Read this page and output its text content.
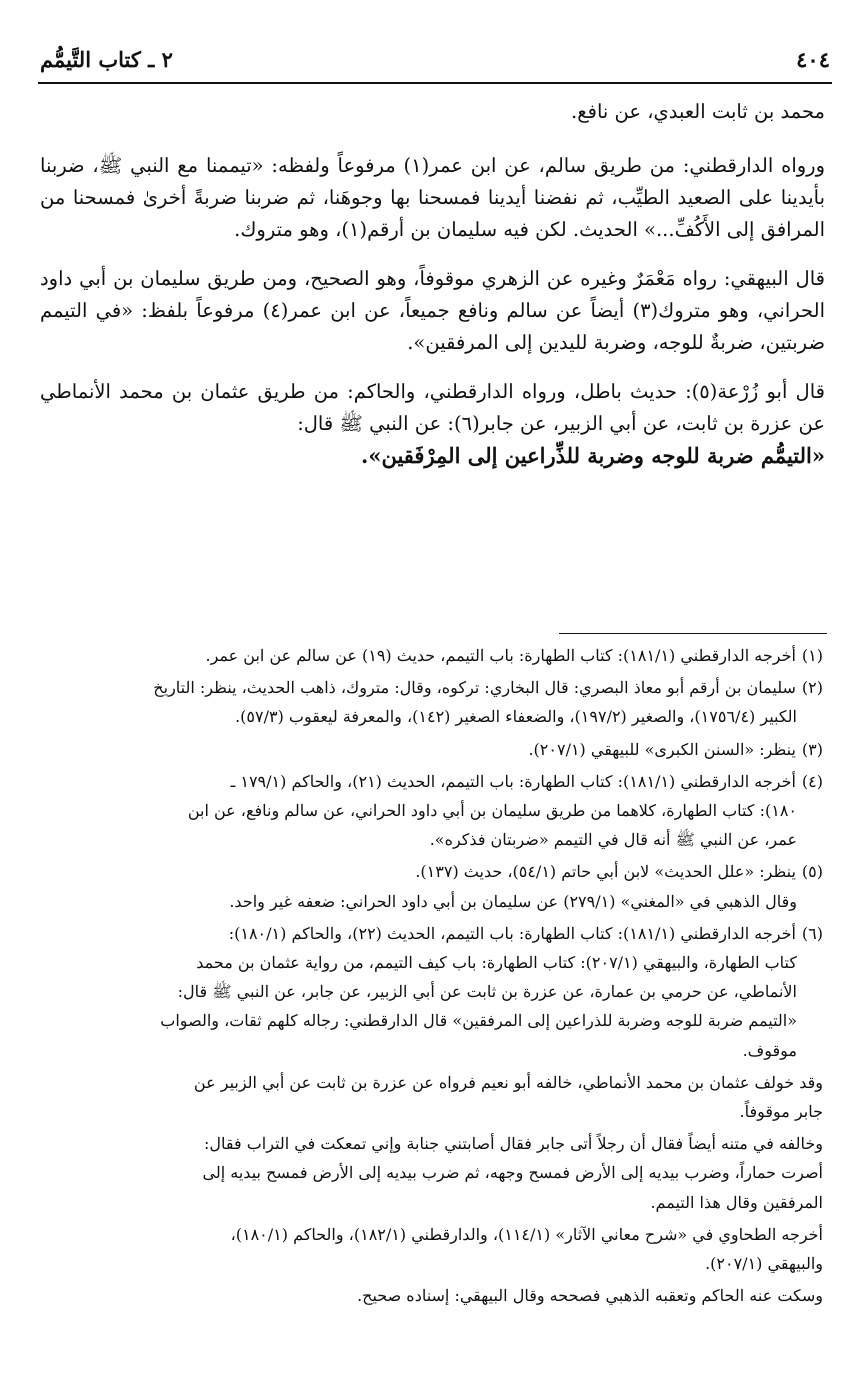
٤٠٤
٢ ـ كتاب التَّيمُّم

محمد بن ثابت العبدي، عن نافع.

ورواه الدارقطني: من طريق سالم، عن ابن عمر(١) مرفوعاً ولفظه: «تيممنا مع النبي ﷺ، ضربنا بأيدينا على الصعيد الطيِّب، ثم نفضنا أيدينا فمسحنا بها وجوهَنا، ثم ضربنا ضربةً أخرىٰ فمسحنا من المرافق إلى الأَكُفِّ...» الحديث. لكن فيه سليمان بن أرقم(١)، وهو متروك.

قال البيهقي: رواه مَعْمَرٌ وغيره عن الزهري موقوفاً، وهو الصحيح، ومن طريق سليمان بن أبي داود الحراني، وهو متروك(٣) أيضاً عن سالم ونافع جميعاً، عن ابن عمر(٤) مرفوعاً بلفظ: «في التيمم ضربتين، ضربةٌ للوجه، وضربة لليدين إلى المرفقين».

قال أبو زُرْعة(٥): حديث باطل، ورواه الدارقطني، والحاكم: من طريق عثمان بن محمد الأنماطي عن عزرة بن ثابت، عن أبي الزبير، عن جابر(٦): عن النبي ﷺ قال:

«التيمُّم ضربة للوجه وضربة للذِّراعين إلى المِرْفَقين».

(١)
أخرجه الدارقطني (١٨١/١): كتاب الطهارة: باب التيمم، حديث (١٩) عن سالم عن ابن عمر.
(٢)
سليمان بن أرقم أبو معاذ البصري: قال البخاري: تركوه، وقال: متروك، ذاهب الحديث، ينظر: التاريخ

الكبير (١٧٥٦/٤)، والصغير (١٩٧/٢)، والضعفاء الصغير (١٤٢)، والمعرفة ليعقوب (٥٧/٣).

(٣)
ينظر: «السنن الكبرى» للبيهقي (٢٠٧/١).
(٤)
أخرجه الدارقطني (١٨١/١): كتاب الطهارة: باب التيمم، الحديث (٢١)، والحاكم (١٧٩/١ ـ

١٨٠): كتاب الطهارة، كلاهما من طريق سليمان بن أبي داود الحراني، عن سالم ونافع، عن ابن

عمر، عن النبي ﷺ أنه قال في التيمم «ضربتان فذكره».

(٥)
ينظر: «علل الحديث» لابن أبي حاتم (٥٤/١)، حديث (١٣٧).

وقال الذهبي في «المغني» (٢٧٩/١) عن سليمان بن أبي داود الحراني: ضعفه غير واحد.

(٦)
أخرجه الدارقطني (١٨١/١): كتاب الطهارة: باب التيمم، الحديث (٢٢)، والحاكم (١٨٠/١):

كتاب الطهارة، والبيهقي (٢٠٧/١): كتاب الطهارة: باب كيف التيمم، من رواية عثمان بن محمد

الأنماطي، عن حرمي بن عمارة، عن عزرة بن ثابت عن أبي الزبير، عن جابر، عن النبي ﷺ قال:

«التيمم ضربة للوجه وضربة للذراعين إلى المرفقين» قال الدارقطني: رجاله كلهم ثقات، والصواب

موقوف.

وقد خولف عثمان بن محمد الأنماطي، خالفه أبو نعيم فرواه عن عزرة بن ثابت عن أبي الزبير عن

جابر موقوفاً.

وخالفه في متنه أيضاً فقال أن رجلاً أتى جابر فقال أصابتني جنابة وإني تمعكت في التراب فقال:

أصرت حماراً، وضرب بيديه إلى الأرض فمسح وجهه، ثم ضرب بيديه إلى الأرض فمسح بيديه إلى

المرفقين وقال هذا التيمم.

أخرجه الطحاوي في «شرح معاني الآثار» (١١٤/١)، والدارقطني (١٨٢/١)، والحاكم (١٨٠/١)،

والبيهقي (٢٠٧/١).

وسكت عنه الحاكم وتعقبه الذهبي فصححه وقال البيهقي: إسناده صحيح.
